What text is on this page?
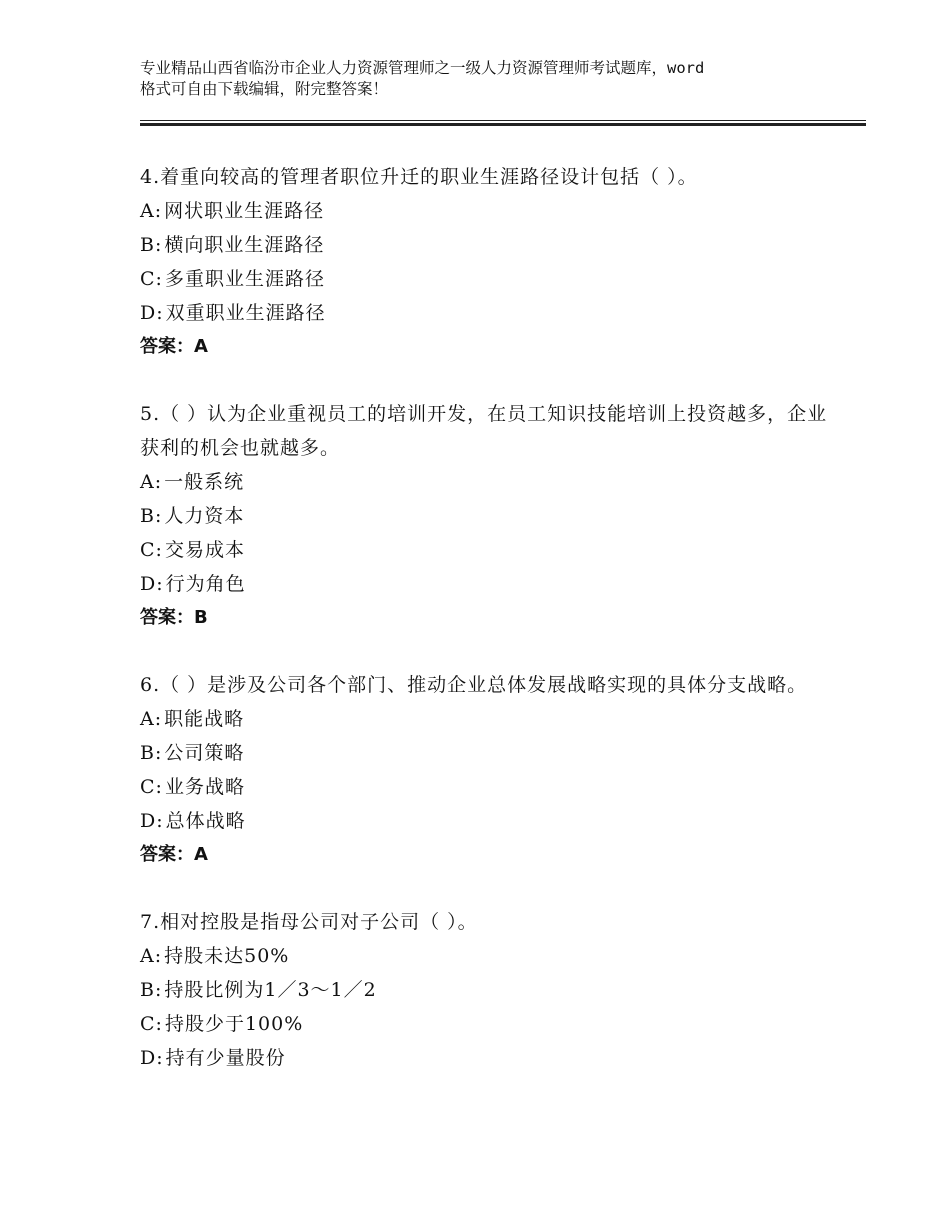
专业精品山西省临汾市企业人力资源管理师之一级人力资源管理师考试题库，word
格式可自由下载编辑，附完整答案！

4.着重向较高的管理者职位升迁的职业生涯路径设计包括（ ）。

A: 网状职业生涯路径

B: 横向职业生涯路径

C: 多重职业生涯路径

D: 双重职业生涯路径

答案：A

5.（ ）认为企业重视员工的培训开发，在员工知识技能培训上投资越多，企业获利的机会也就越多。

A: 一般系统

B: 人力资本

C: 交易成本

D: 行为角色

答案：B

6.（ ）是涉及公司各个部门、推动企业总体发展战略实现的具体分支战略。

A: 职能战略

B: 公司策略

C: 业务战略

D: 总体战略

答案：A

7.相对控股是指母公司对子公司（ ）。

A: 持股未达50%

B: 持股比例为1／3～1／2

C: 持股少于100%

D: 持有少量股份
